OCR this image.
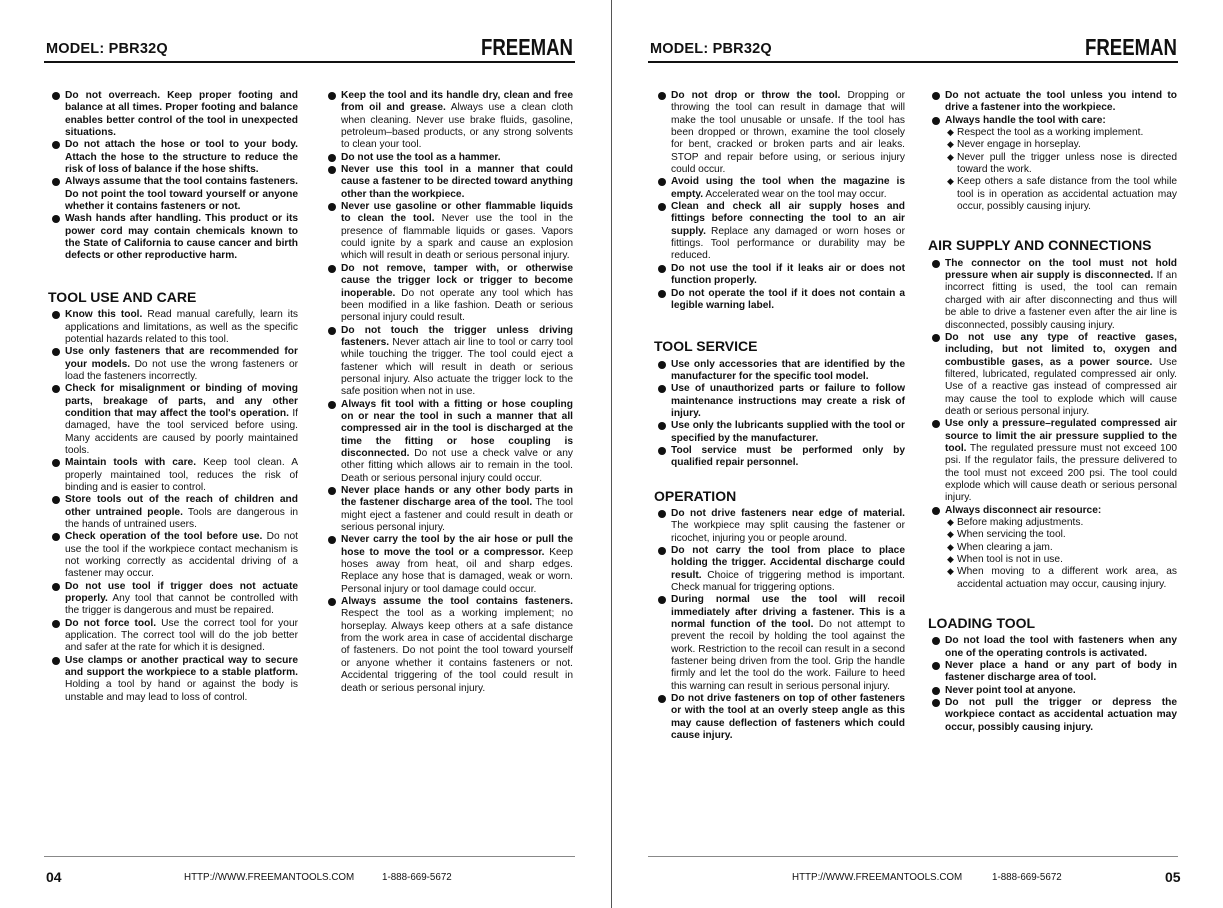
MODEL: PBR32Q	FREEMAN

Do not overreach. Keep proper footing and balance at all times. Proper footing and balance enables better control of the tool in unexpected situations.

Do not attach the hose or tool to your body. Attach the hose to the structure to reduce the risk of loss of balance if the hose shifts.

Always assume that the tool contains fasteners. Do not point the tool toward yourself or anyone whether it contains fasteners or not.

Wash hands after handling. This product or its power cord may contain chemicals known to the State of California to cause cancer and birth defects or other reproductive harm.

TOOL USE AND CARE

Know this tool. Read manual carefully, learn its applications and limitations, as well as the specific potential hazards related to this tool.

Use only fasteners that are recommended for your models. Do not use the wrong fasteners or load the fasteners incorrectly.

Check for misalignment or binding of moving parts, breakage of parts, and any other condition that may affect the tool's operation. If damaged, have the tool serviced before using. Many accidents are caused by poorly maintained tools.

Maintain tools with care. Keep tool clean. A properly maintained tool, reduces the risk of binding and is easier to control.

Store tools out of the reach of children and other untrained people. Tools are dangerous in the hands of untrained users.

Check operation of the tool before use. Do not use the tool if the workpiece contact mechanism is not working correctly as accidental driving of a fastener may occur.

Do not use tool if trigger does not actuate properly. Any tool that cannot be controlled with the trigger is dangerous and must be repaired.

Do not force tool. Use the correct tool for your application. The correct tool will do the job better and safer at the rate for which it is designed.

Use clamps or another practical way to secure and support the workpiece to a stable platform. Holding a tool by hand or against the body is unstable and may lead to loss of control.

Keep the tool and its handle dry, clean and free from oil and grease. Always use a clean cloth when cleaning. Never use brake fluids, gasoline, petroleum–based products, or any strong solvents to clean your tool.

Do not use the tool as a hammer.

Never use this tool in a manner that could cause a fastener to be directed toward anything other than the workpiece.

Never use gasoline or other flammable liquids to clean the tool. Never use the tool in the presence of flammable liquids or gases. Vapors could ignite by a spark and cause an explosion which will result in death or serious personal injury.

Do not remove, tamper with, or otherwise cause the trigger lock or trigger to become inoperable. Do not operate any tool which has been modified in a like fashion. Death or serious personal injury could result.

Do not touch the trigger unless driving fasteners. Never attach air line to tool or carry tool while touching the trigger. The tool could eject a fastener which will result in death or serious personal injury. Also actuate the trigger lock to the safe position when not in use.

Always fit tool with a fitting or hose coupling on or near the tool in such a manner that all compressed air in the tool is discharged at the time the fitting or hose coupling is disconnected. Do not use a check valve or any other fitting which allows air to remain in the tool. Death or serious personal injury could occur.

Never place hands or any other body parts in the fastener discharge area of the tool. The tool might eject a fastener and could result in death or serious personal injury.

Never carry the tool by the air hose or pull the hose to move the tool or a compressor. Keep hoses away from heat, oil and sharp edges. Replace any hose that is damaged, weak or worn. Personal injury or tool damage could occur.

Always assume the tool contains fasteners. Respect the tool as a working implement; no horseplay. Always keep others at a safe distance from the work area in case of accidental discharge of fasteners. Do not point the tool toward yourself or anyone whether it contains fasteners or not. Accidental triggering of the tool could result in death or serious personal injury.

04	HTTP://WWW.FREEMANTOOLS.COM	1-888-669-5672
MODEL: PBR32Q	FREEMAN

Do not drop or throw the tool. Dropping or throwing the tool can result in damage that will make the tool unusable or unsafe. If the tool has been dropped or thrown, examine the tool closely for bent, cracked or broken parts and air leaks. STOP and repair before using, or serious injury could occur.

Avoid using the tool when the magazine is empty. Accelerated wear on the tool may occur.

Clean and check all air supply hoses and fittings before connecting the tool to an air supply. Replace any damaged or worn hoses or fittings. Tool performance or durability may be reduced.

Do not use the tool if it leaks air or does not function properly.

Do not operate the tool if it does not contain a legible warning label.

TOOL SERVICE

Use only accessories that are identified by the manufacturer for the specific tool model.

Use of unauthorized parts or failure to follow maintenance instructions may create a risk of injury.

Use only the lubricants supplied with the tool or specified by the manufacturer.

Tool service must be performed only by qualified repair personnel.

OPERATION

Do not drive fasteners near edge of material. The workpiece may split causing the fastener or ricochet, injuring you or people around.

Do not carry the tool from place to place holding the trigger. Accidental discharge could result. Choice of triggering method is important. Check manual for triggering options.

During normal use the tool will recoil immediately after driving a fastener. This is a normal function of the tool. Do not attempt to prevent the recoil by holding the tool against the work. Restriction to the recoil can result in a second fastener being driven from the tool. Grip the handle firmly and let the tool do the work. Failure to heed this warning can result in serious personal injury.

Do not drive fasteners on top of other fasteners or with the tool at an overly steep angle as this may cause deflection of fasteners which could cause injury.

Do not actuate the tool unless you intend to drive a fastener into the workpiece.

Always handle the tool with care:

◆ Respect the tool as a working implement.

◆ Never engage in horseplay.

◆ Never pull the trigger unless nose is directed toward the work.

◆ Keep others a safe distance from the tool while tool is in operation as accidental actuation may occur, possibly causing injury.

AIR SUPPLY AND CONNECTIONS

The connector on the tool must not hold pressure when air supply is disconnected. If an incorrect fitting is used, the tool can remain charged with air after disconnecting and thus will be able to drive a fastener even after the air line is disconnected, possibly causing injury.

Do not use any type of reactive gases, including, but not limited to, oxygen and combustible gases, as a power source. Use filtered, lubricated, regulated compressed air only. Use of a reactive gas instead of compressed air may cause the tool to explode which will cause death or serious personal injury.

Use only a pressure–regulated compressed air source to limit the air pressure supplied to the tool. The regulated pressure must not exceed 100 psi. If the regulator fails, the pressure delivered to the tool must not exceed 200 psi. The tool could explode which will cause death or serious personal injury.

Always disconnect air resource:

◆ Before making adjustments.

◆ When servicing the tool.

◆ When clearing a jam.

◆ When tool is not in use.

◆ When moving to a different work area, as accidental actuation may occur, causing injury.

LOADING TOOL

Do not load the tool with fasteners when any one of the operating controls is activated.

Never place a hand or any part of body in fastener discharge area of tool.

Never point tool at anyone.

Do not pull the trigger or depress the workpiece contact as accidental actuation may occur, possibly causing injury.

HTTP://WWW.FREEMANTOOLS.COM	1-888-669-5672	05
